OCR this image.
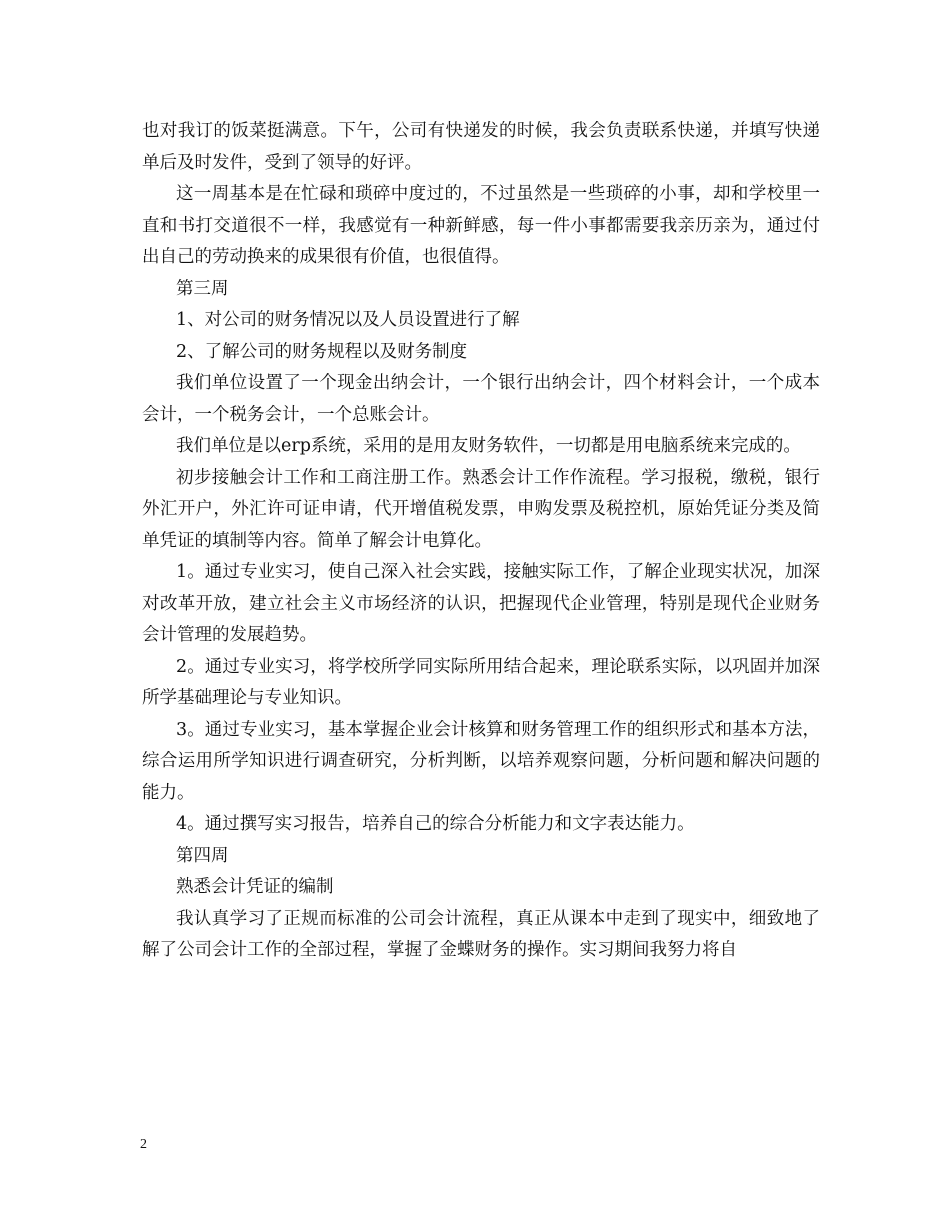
也对我订的饭菜挺满意。下午，公司有快递发的时候，我会负责联系快递，并填写快递单后及时发件，受到了领导的好评。

这一周基本是在忙碌和琐碎中度过的，不过虽然是一些琐碎的小事，却和学校里一直和书打交道很不一样，我感觉有一种新鲜感，每一件小事都需要我亲历亲为，通过付出自己的劳动换来的成果很有价值，也很值得。

第三周

1、对公司的财务情况以及人员设置进行了解

2、了解公司的财务规程以及财务制度

我们单位设置了一个现金出纳会计，一个银行出纳会计，四个材料会计，一个成本会计，一个税务会计，一个总账会计。

我们单位是以erp系统，采用的是用友财务软件，一切都是用电脑系统来完成的。

初步接触会计工作和工商注册工作。熟悉会计工作作流程。学习报税，缴税，银行外汇开户，外汇许可证申请，代开增值税发票，申购发票及税控机，原始凭证分类及简单凭证的填制等内容。简单了解会计电算化。

1。通过专业实习，使自己深入社会实践，接触实际工作，了解企业现实状况，加深对改革开放，建立社会主义市场经济的认识，把握现代企业管理，特别是现代企业财务会计管理的发展趋势。

2。通过专业实习，将学校所学同实际所用结合起来，理论联系实际，以巩固并加深所学基础理论与专业知识。

3。通过专业实习，基本掌握企业会计核算和财务管理工作的组织形式和基本方法，综合运用所学知识进行调查研究，分析判断，以培养观察问题，分析问题和解决问题的能力。

4。通过撰写实习报告，培养自己的综合分析能力和文字表达能力。

第四周

熟悉会计凭证的编制

我认真学习了正规而标准的公司会计流程，真正从课本中走到了现实中，细致地了解了公司会计工作的全部过程，掌握了金蝶财务的操作。实习期间我努力将自

2
